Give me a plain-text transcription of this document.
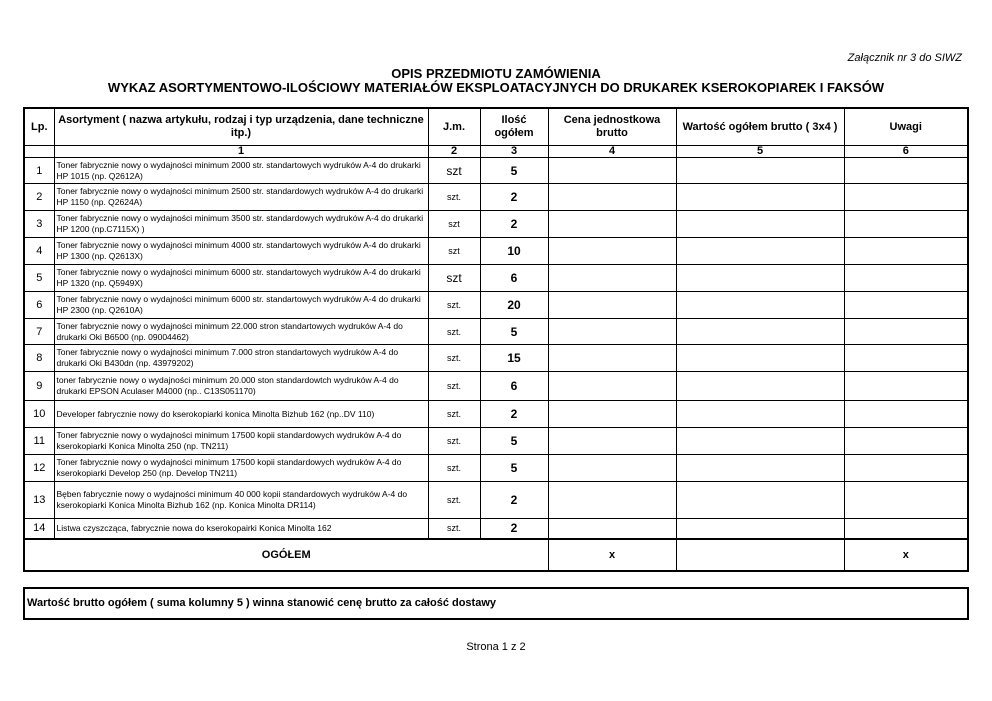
Załącznik nr 3 do SIWZ
OPIS PRZEDMIOTU ZAMÓWIENIA
WYKAZ ASORTYMENTOWO-ILOŚCIOWY MATERIAŁÓW EKSPLOATACYJNYCH DO DRUKAREK KSEROKOPIAREK I FAKSÓW
Lp.	Asortyment ( nazwa artykułu, rodzaj i typ urządzenia, dane techniczne itp.)	J.m.	Ilość ogółem	Cena jednostkowa brutto	Wartość ogółem brutto ( 3x4 )	Uwagi
	1	2	3	4	5	6
1	Toner fabrycznie nowy o wydajności minimum 2000 str. standartowych wydruków A-4 do drukarki HP 1015 (np. Q2612A)	szt	5			
2	Toner fabrycznie nowy o wydajności minimum 2500 str. standardowych wydruków A-4 do drukarki HP 1150 (np. Q2624A)	szt.	2			
3	Toner fabrycznie nowy o wydajności minimum 3500 str. standardowych wydruków A-4 do drukarki HP 1200 (np.C7115X) )	szt	2			
4	Toner fabrycznie nowy o wydajności minimum 4000 str. standartowych wydruków A-4 do drukarki HP 1300 (np. Q2613X)	szt	10			
5	Toner fabrycznie nowy o wydajności minimum 6000 str. standartowych wydruków A-4 do drukarki HP 1320 (np. Q5949X)	szt	6			
6	Toner fabrycznie nowy o wydajności minimum 6000 str. standartowych wydruków A-4 do drukarki HP 2300 (np. Q2610A)	szt.	20			
7	Toner fabrycznie nowy o wydajności minimum 22.000 stron standartowych wydruków A-4 do drukarki Oki B6500 (np. 09004462)	szt.	5			
8	Toner fabrycznie nowy o wydajności minimum 7.000 stron standartowych wydruków A-4 do drukarki Oki B430dn (np. 43979202)	szt.	15			
9	toner fabrycznie nowy o wydajności minimum 20.000 ston standardowtch wydruków A-4 do drukarki EPSON Aculaser M4000 (np.. C13S051170)	szt.	6			
10	Developer fabrycznie nowy do kserokopiarki konica Minolta Bizhub 162 (np..DV 110)	szt.	2			
11	Toner fabrycznie nowy o wydajności minimum 17500 kopii standardowych wydruków A-4 do kserokopiarki Konica Minolta 250 (np. TN211)	szt.	5			
12	Toner fabrycznie nowy o wydajności minimum 17500 kopii standardowych wydruków A-4 do kserokopiarki Develop 250 (np. Develop TN211)	szt.	5			
13	Bęben fabrycznie nowy o wydajności minimum 40 000 kopii standardowych wydruków A-4 do kserokopiarki Konica Minolta Bizhub 162 (np. Konica Minolta DR114)	szt.	2			
14	Listwa czyszcząca, fabrycznie nowa do kserokopairki Konica Minolta 162	szt.	2			
OGÓŁEM				x		x
Wartość brutto ogółem ( suma kolumny 5 ) winna stanowić cenę brutto za całość dostawy
Strona 1 z 2
